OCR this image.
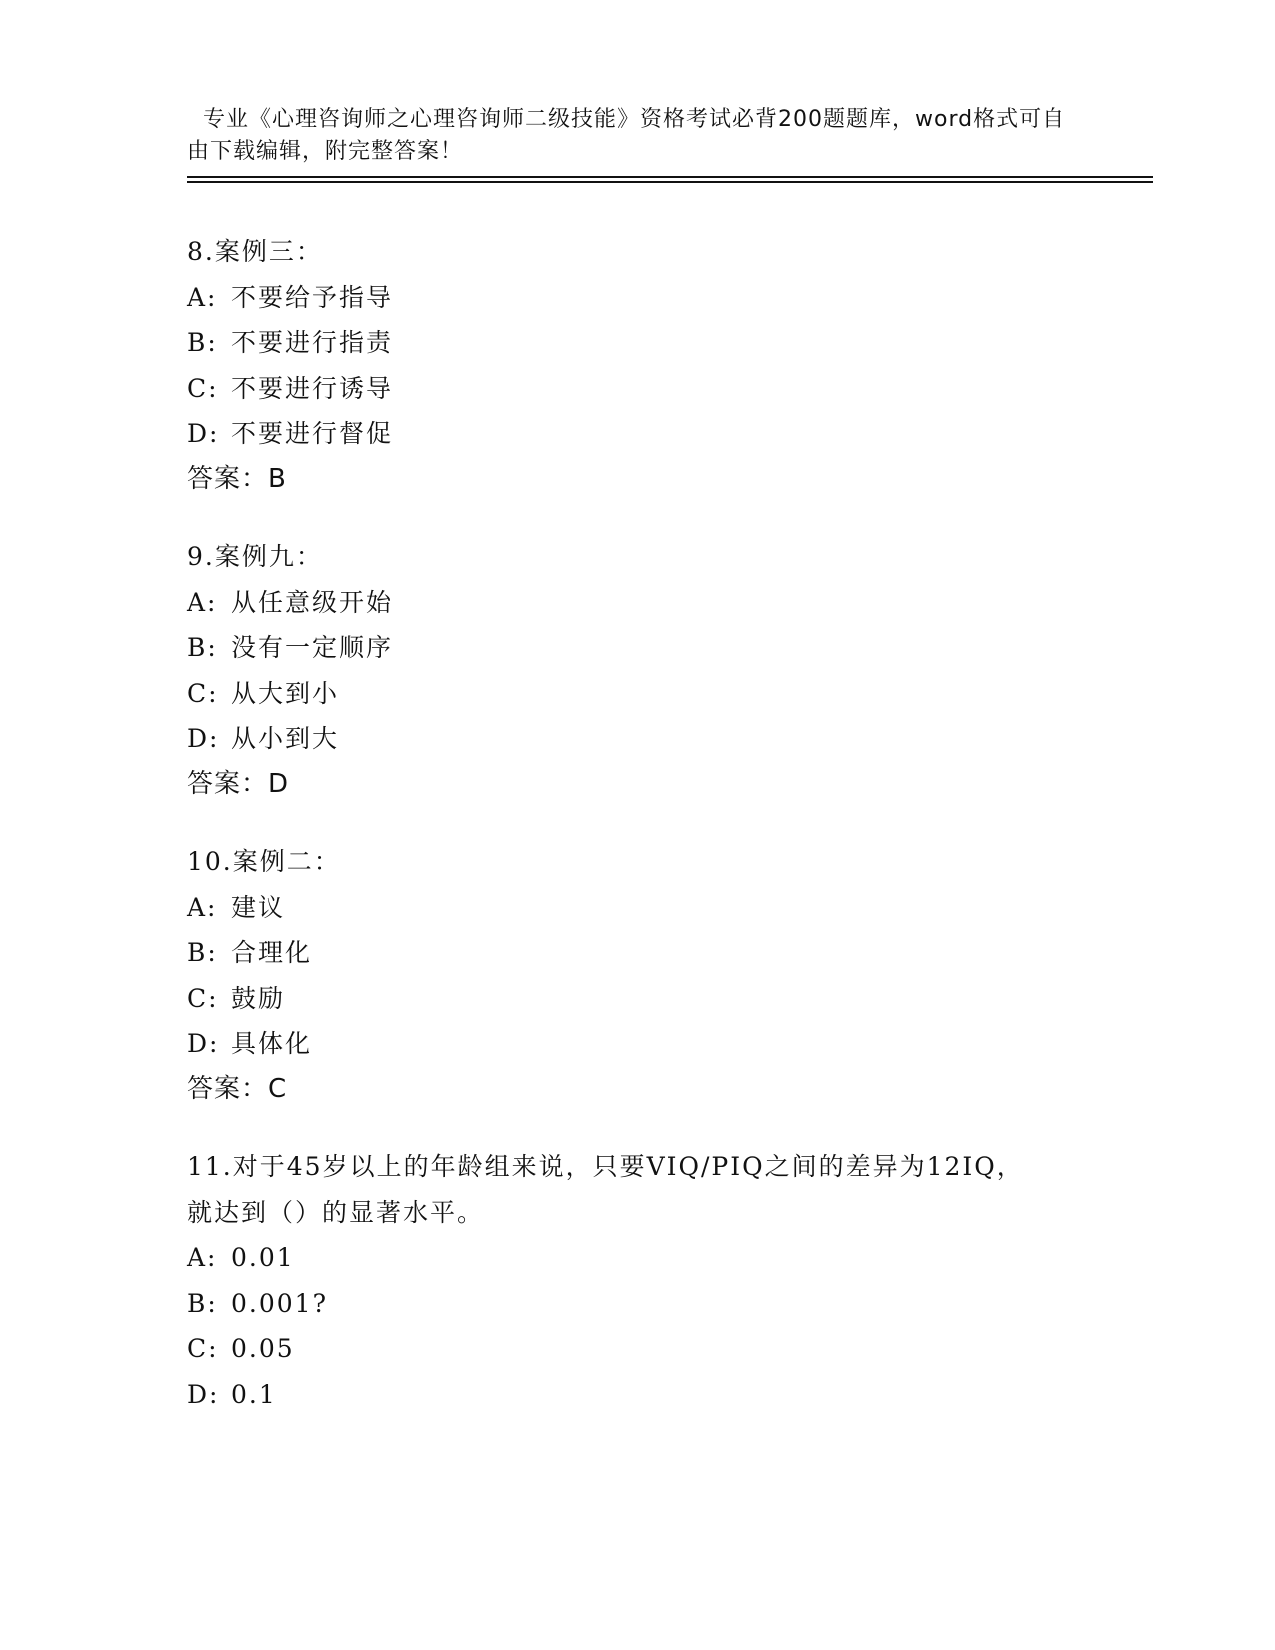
专业《心理咨询师之心理咨询师二级技能》资格考试必背200题题库，word格式可自由下载编辑，附完整答案！

8.案例三：
A: 不要给予指导
B: 不要进行指责
C: 不要进行诱导
D: 不要进行督促
答案：B
9.案例九：
A: 从任意级开始
B: 没有一定顺序
C: 从大到小
D: 从小到大
答案：D
10.案例二：
A: 建议
B: 合理化
C: 鼓励
D: 具体化
答案：C
11.对于45岁以上的年龄组来说，只要VIQ/PIQ之间的差异为12IQ，
就达到（）的显著水平。
A: 0.01
B: 0.001?
C: 0.05
D: 0.1
